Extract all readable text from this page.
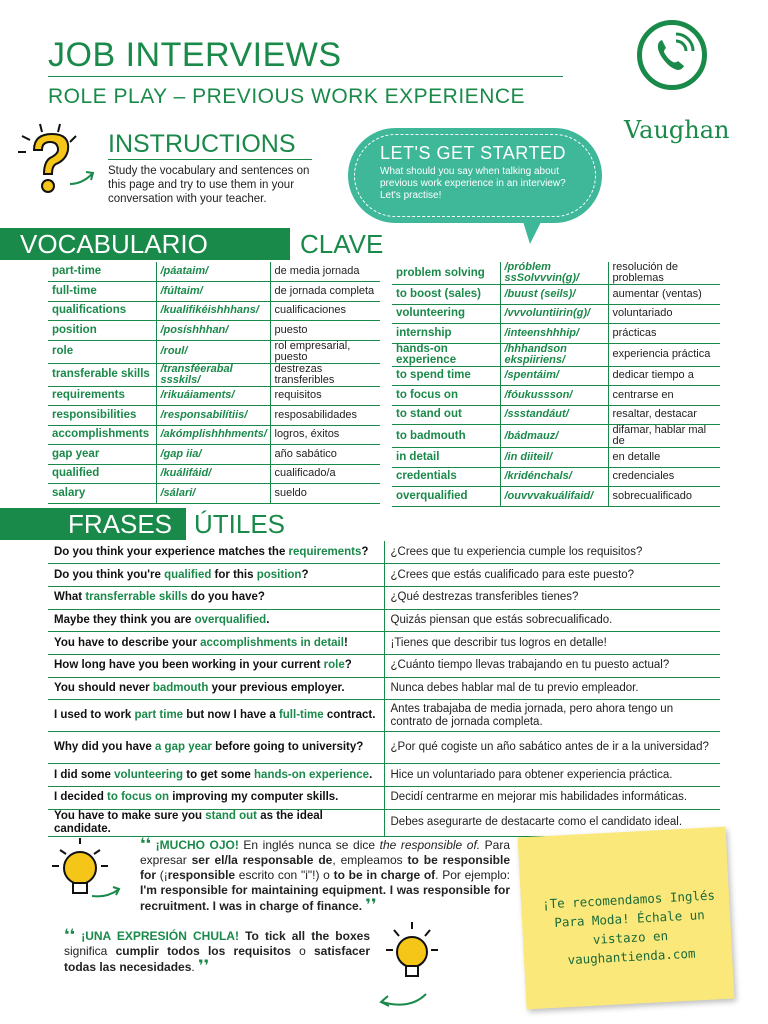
JOB INTERVIEWS
ROLE PLAY – PREVIOUS WORK EXPERIENCE
Vaughan
INSTRUCTIONS
Study the vocabulary and sentences on this page and try to use them in your conversation with your teacher.
LET'S GET STARTED
What should you say when talking about previous work experience in an interview? Let's practise!
VOCABULARIO	CLAVE
part-time	/páataim/	de media jornada
full-time	/fúltaim/	de jornada completa
qualifications	/kualifikéishhhans/	cualificaciones
position	/posíshhhan/	puesto
role	/roul/	rol empresarial, puesto
transferable skills	/transféerabal ssskils/	destrezas transferibles
requirements	/rikuáiaments/	requisitos
responsibilities	/responsabilítiis/	resposabilidades
accomplishments	/akómplishhhments/	logros, éxitos
gap year	/gap iia/	año sabático
qualified	/kuálifáid/	cualificado/a
salary	/sálari/	sueldo
problem solving	/próblem ssSolvvvin(g)/	resolución de problemas
to boost (sales)	/buust (seils)/	aumentar (ventas)
volunteering	/vvvoluntiirin(g)/	voluntariado
internship	/inteenshhhip/	prácticas
hands-on experience	/hhhandson ekspiiriens/	experiencia práctica
to spend time	/spentáim/	dedicar tiempo a
to focus on	/fóukussson/	centrarse en
to stand out	/ssstandáut/	resaltar, destacar
to badmouth	/bádmauz/	difamar, hablar mal de
in detail	/in diiteil/	en detalle
credentials	/kridénchals/	credenciales
overqualified	/ouvvvakuálifaid/	sobrecualificado
FRASES ÚTILES
Do you think your experience matches the requirements?	¿Crees que tu experiencia cumple los requisitos?
Do you think you're qualified for this position?	¿Crees que estás cualificado para este puesto?
What transferrable skills do you have?	¿Qué destrezas transferibles tienes?
Maybe they think you are overqualified.	Quizás piensan que estás sobrecualificado.
You have to describe your accomplishments in detail!	¡Tienes que describir tus logros en detalle!
How long have you been working in your current role?	¿Cuánto tiempo llevas trabajando en tu puesto actual?
You should never badmouth your previous employer.	Nunca debes hablar mal de tu previo empleador.
I used to work part time but now I have a full-time contract.	Antes trabajaba de media jornada, pero ahora tengo un contrato de jornada completa.
Why did you have a gap year before going to university?	¿Por qué cogiste un año sabático antes de ir a la universidad?
I did some volunteering to get some hands-on experience.	Hice un voluntariado para obtener experiencia práctica.
I decided to focus on improving my computer skills.	Decidí centrarme en mejorar mis habilidades informáticas.
You have to make sure you stand out as the ideal candidate.	Debes asegurarte de destacarte como el candidato ideal.
❛❛ ¡MUCHO OJO! En inglés nunca se dice the responsible of. Para expresar ser el/la responsable de, empleamos to be responsible for (¡responsible escrito con "i"!) o to be in charge of. Por ejemplo: I'm responsible for maintaining equipment. I was responsible for recruitment. I was in charge of finance. ❜❜
❛❛ ¡UNA EXPRESIÓN CHULA! To tick all the boxes significa cumplir todos los requisitos o satisfacer todas las necesidades. ❜❜
¡Te recomendamos Inglés Para Moda! Échale un vistazo en vaughantienda.com
